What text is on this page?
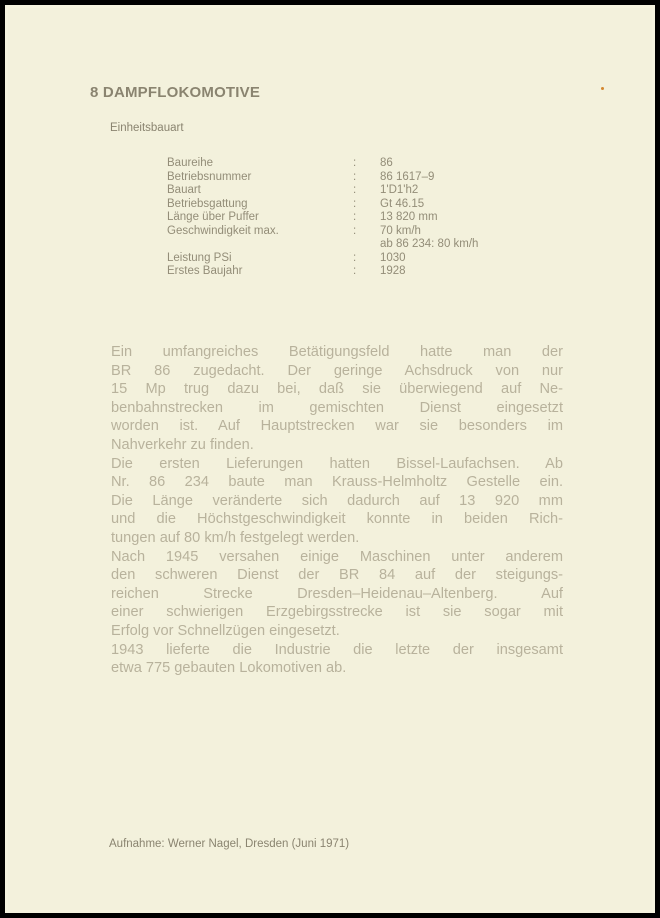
8 DAMPFLOKOMOTIVE
Einheitsbauart
Baureihe	: 86
Betriebsnummer	: 86 1617–9
Bauart	: 1'D1'h2
Betriebsgattung	: Gt 46.15
Länge über Puffer	: 13 820 mm
Geschwindigkeit max.	: 70 km/h
ab 86 234: 80 km/h
Leistung PSi	: 1030
Erstes Baujahr	: 1928
Ein umfangreiches Betätigungsfeld hatte man der
BR 86 zugedacht. Der geringe Achsdruck von nur
15 Mp trug dazu bei, daß sie überwiegend auf Ne-
benbahnstrecken im gemischten Dienst eingesetzt
worden ist. Auf Hauptstrecken war sie besonders im
Nahverkehr zu finden.
Die ersten Lieferungen hatten Bissel-Laufachsen. Ab
Nr. 86 234 baute man Krauss-Helmholtz Gestelle ein.
Die Länge veränderte sich dadurch auf 13 920 mm
und die Höchstgeschwindigkeit konnte in beiden Rich-
tungen auf 80 km/h festgelegt werden.
Nach 1945 versahen einige Maschinen unter anderem
den schweren Dienst der BR 84 auf der steigungs-
reichen Strecke Dresden–Heidenau–Altenberg. Auf
einer schwierigen Erzgebirgsstrecke ist sie sogar mit
Erfolg vor Schnellzügen eingesetzt.
1943 lieferte die Industrie die letzte der insgesamt
etwa 775 gebauten Lokomotiven ab.
Aufnahme: Werner Nagel, Dresden (Juni 1971)
